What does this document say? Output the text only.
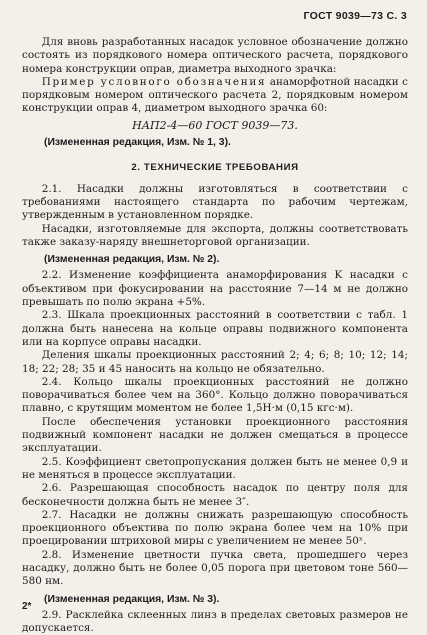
ГОСТ 9039—73 С. 3

Для вновь разработанных насадок условное обозначение должно состоять из порядкового номера оптического расчета, порядкового номера конструкции оправ, диаметра выходного зрачка:

Пример условного обозначения анаморфотной насадки с порядковым номером оптического расчета 2, порядковым номером конструкции оправ 4, диаметром выходного зрачка 60:

НАП2-4—60 ГОСТ 9039—73.
(Измененная редакция, Изм. № 1, 3).
2. ТЕХНИЧЕСКИЕ ТРЕБОВАНИЯ

2.1. Насадки должны изготовляться в соответствии с требованиями настоящего стандарта по рабочим чертежам, утвержденным в установленном порядке.

Насадки, изготовляемые для экспорта, должны соответствовать также заказу-наряду внешнеторговой организации.

(Измененная редакция, Изм. № 2).

2.2. Изменение коэффициента анаморфирования K насадки с объективом при фокусировании на расстояние 7—14 м не должно превышать по полю экрана +5%.

2.3. Шкала проекционных расстояний в соответствии с табл. 1 должна быть нанесена на кольце оправы подвижного компонента или на корпусе оправы насадки.

Деления шкалы проекционных расстояний 2; 4; 6; 8; 10; 12; 14; 18; 22; 28; 35 и 45 наносить на кольцо не обязательно.

2.4. Кольцо шкалы проекционных расстояний не должно поворачиваться более чем на 360°. Кольцо должно поворачиваться плавно, с крутящим моментом не более 1,5Н·м (0,15 кгс·м).

После обеспечения установки проекционного расстояния подвижный компонент насадки не должен смещаться в процессе эксплуатации.

2.5. Коэффициент светопропускания должен быть не менее 0,9 и не меняться в процессе эксплуатации.

2.6. Разрешающая способность насадок по центру поля для бесконечности должна быть не менее 3″.

2.7. Насадки не должны снижать разрешающую способность проекционного объектива по полю экрана более чем на 10% при проецировании штриховой миры с увеличением не менее 50ˣ.

2.8. Изменение цветности пучка света, прошедшего через насадку, должно быть не более 0,05 порога при цветовом тоне 560—580 нм.

(Измененная редакция, Изм. № 3).

2.9. Расклейка склеенных линз в пределах световых размеров не допускается.

2*
